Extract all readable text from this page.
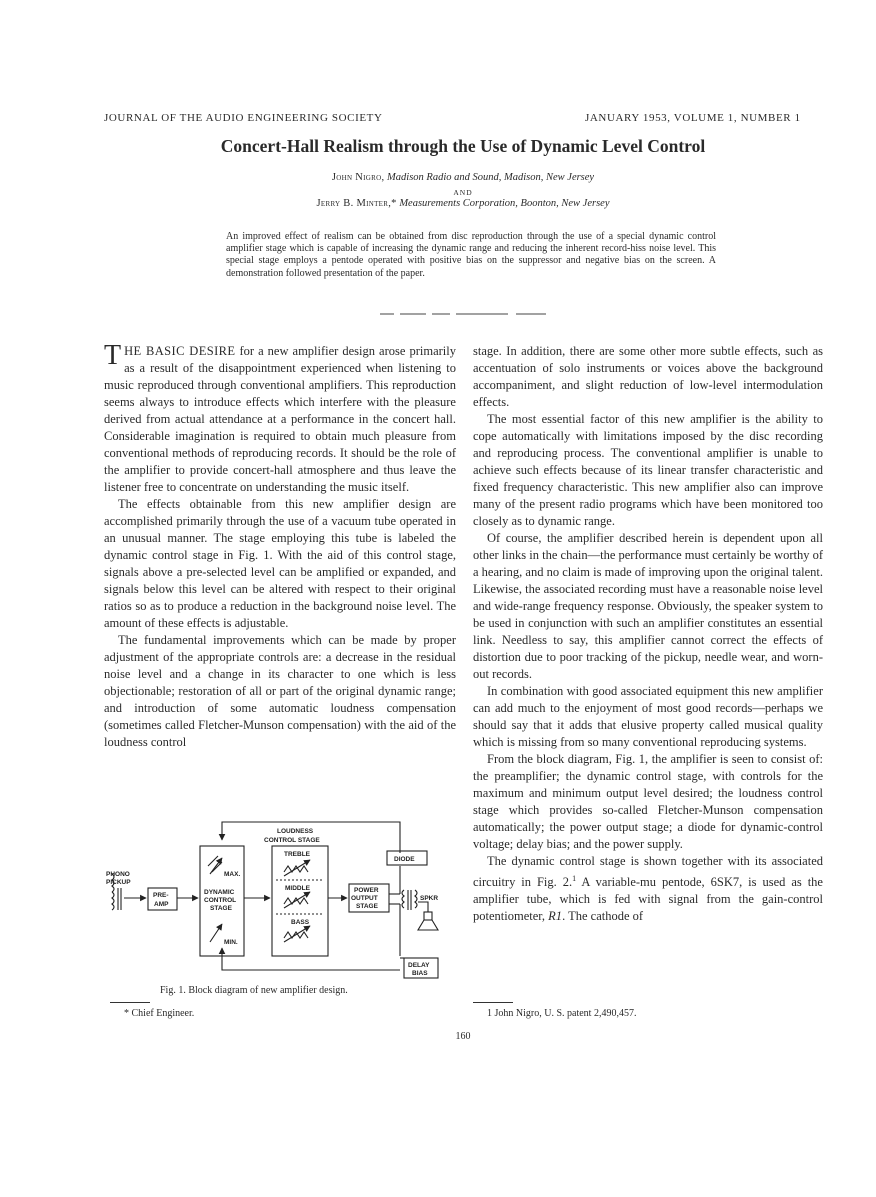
JOURNAL OF THE AUDIO ENGINEERING SOCIETY	JANUARY 1953, VOLUME 1, NUMBER 1
Concert-Hall Realism through the Use of Dynamic Level Control
John Nigro, Madison Radio and Sound, Madison, New Jersey
AND
Jerry B. Minter,* Measurements Corporation, Boonton, New Jersey
An improved effect of realism can be obtained from disc reproduction through the use of a special dynamic control amplifier stage which is capable of increasing the dynamic range and reducing the inherent record-hiss noise level. This special stage employs a pentode operated with positive bias on the suppressor and negative bias on the screen. A demonstration followed presentation of the paper.

THE BASIC DESIRE for a new amplifier design arose primarily as a result of the disappointment experienced when listening to music reproduced through conventional amplifiers. This reproduction seems always to introduce effects which interfere with the pleasure derived from actual attendance at a performance in the concert hall. Considerable imagination is required to obtain much pleasure from conventional methods of reproducing records. It should be the role of the amplifier to provide concert-hall atmosphere and thus leave the listener free to concentrate on understanding the music itself.

The effects obtainable from this new amplifier design are accomplished primarily through the use of a vacuum tube operated in an unusual manner. The stage employing this tube is labeled the dynamic control stage in Fig. 1. With the aid of this control stage, signals above a pre-selected level can be amplified or expanded, and signals below this level can be altered with respect to their original ratios so as to produce a reduction in the background noise level. The amount of these effects is adjustable.

The fundamental improvements which can be made by proper adjustment of the appropriate controls are: a decrease in the residual noise level and a change in its character to one which is less objectionable; restoration of all or part of the original dynamic range; and introduction of some automatic loudness compensation (sometimes called Fletcher-Munson compensation) with the aid of the loudness control

stage. In addition, there are some other more subtle effects, such as accentuation of solo instruments or voices above the background accompaniment, and slight reduction of low-level intermodulation effects.

The most essential factor of this new amplifier is the ability to cope automatically with limitations imposed by the disc recording and reproducing process. The conventional amplifier is unable to achieve such effects because of its linear transfer characteristic and fixed frequency characteristic. This new amplifier also can improve many of the present radio programs which have been monitored too closely as to dynamic range.

Of course, the amplifier described herein is dependent upon all other links in the chain—the performance must certainly be worthy of a hearing, and no claim is made of improving upon the original talent. Likewise, the associated recording must have a reasonable noise level and wide-range frequency response. Obviously, the speaker system to be used in conjunction with such an amplifier constitutes an essential link. Needless to say, this amplifier cannot correct the effects of distortion due to poor tracking of the pickup, needle wear, and worn-out records.

In combination with good associated equipment this new amplifier can add much to the enjoyment of most good records—perhaps we should say that it adds that elusive property called musical quality which is missing from so many conventional reproducing systems.

From the block diagram, Fig. 1, the amplifier is seen to consist of: the preamplifier; the dynamic control stage, with controls for the maximum and minimum output level desired; the loudness control stage which provides so-called Fletcher-Munson compensation automatically; the power output stage; a diode for dynamic-control voltage; delay bias; and the power supply.

The dynamic control stage is shown together with its associated circuitry in Fig. 2.$^1$ A variable-mu pentode, 6SK7, is used as the amplifier tube, which is fed with signal from the gain-control potentiometer, R1. The cathode of

PHONO
PICKUP
PRE-
AMP
DYNAMIC
CONTROL
STAGE
MAX.
MIN.
LOUDNESS
CONTROL STAGE
TREBLE
MIDDLE
BASS
POWER
OUTPUT
STAGE
DIODE
SPKR
DELAY
BIAS
Fig. 1. Block diagram of new amplifier design.
* Chief Engineer.	1 John Nigro, U. S. patent 2,490,457.
160
